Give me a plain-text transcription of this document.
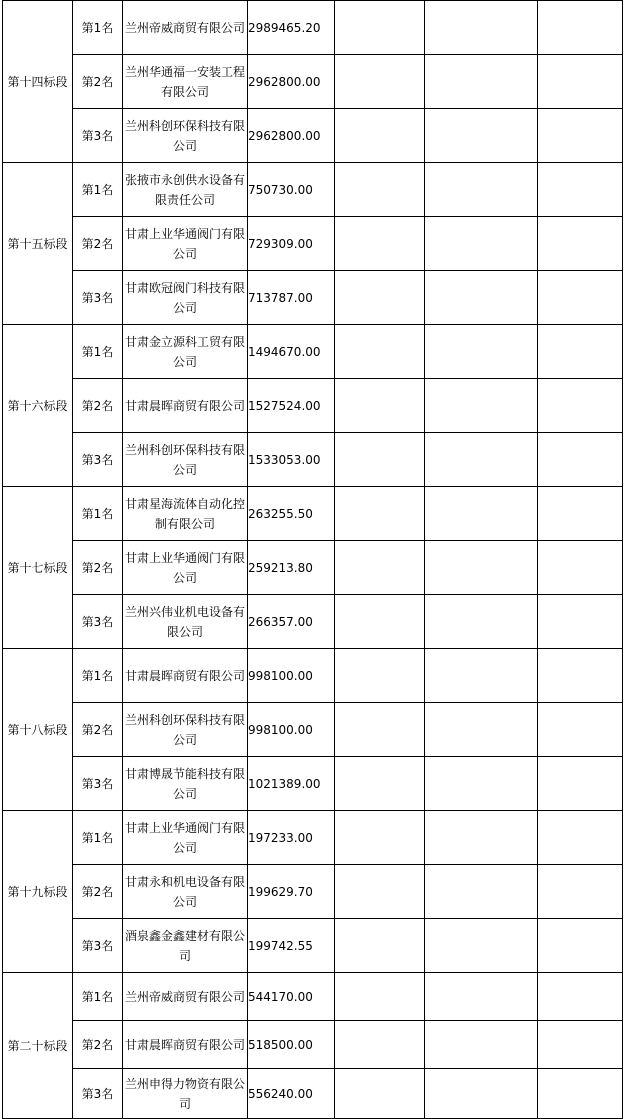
第十四标段	第1名	兰州帝威商贸有限公司	2989465.20			
	第2名	兰州华通福一安装工程有限公司	2962800.00			
	第3名	兰州科创环保科技有限公司	2962800.00			
第十五标段	第1名	张掖市永创供水设备有限责任公司	750730.00			
	第2名	甘肃上业华通阀门有限公司	729309.00			
	第3名	甘肃欧冠阀门科技有限公司	713787.00			
第十六标段	第1名	甘肃金立源科工贸有限公司	1494670.00			
	第2名	甘肃晨晖商贸有限公司	1527524.00			
	第3名	兰州科创环保科技有限公司	1533053.00			
第十七标段	第1名	甘肃星海流体自动化控制有限公司	263255.50			
	第2名	甘肃上业华通阀门有限公司	259213.80			
	第3名	兰州兴伟业机电设备有限公司	266357.00			
第十八标段	第1名	甘肃晨晖商贸有限公司	998100.00			
	第2名	兰州科创环保科技有限公司	998100.00			
	第3名	甘肃博晟节能科技有限公司	1021389.00			
第十九标段	第1名	甘肃上业华通阀门有限公司	197233.00			
	第2名	甘肃永和机电设备有限公司	199629.70			
	第3名	酒泉鑫金鑫建材有限公司	199742.55			
第二十标段	第1名	兰州帝威商贸有限公司	544170.00			
	第2名	甘肃晨晖商贸有限公司	518500.00			
	第3名	兰州申得力物资有限公司	556240.00			
